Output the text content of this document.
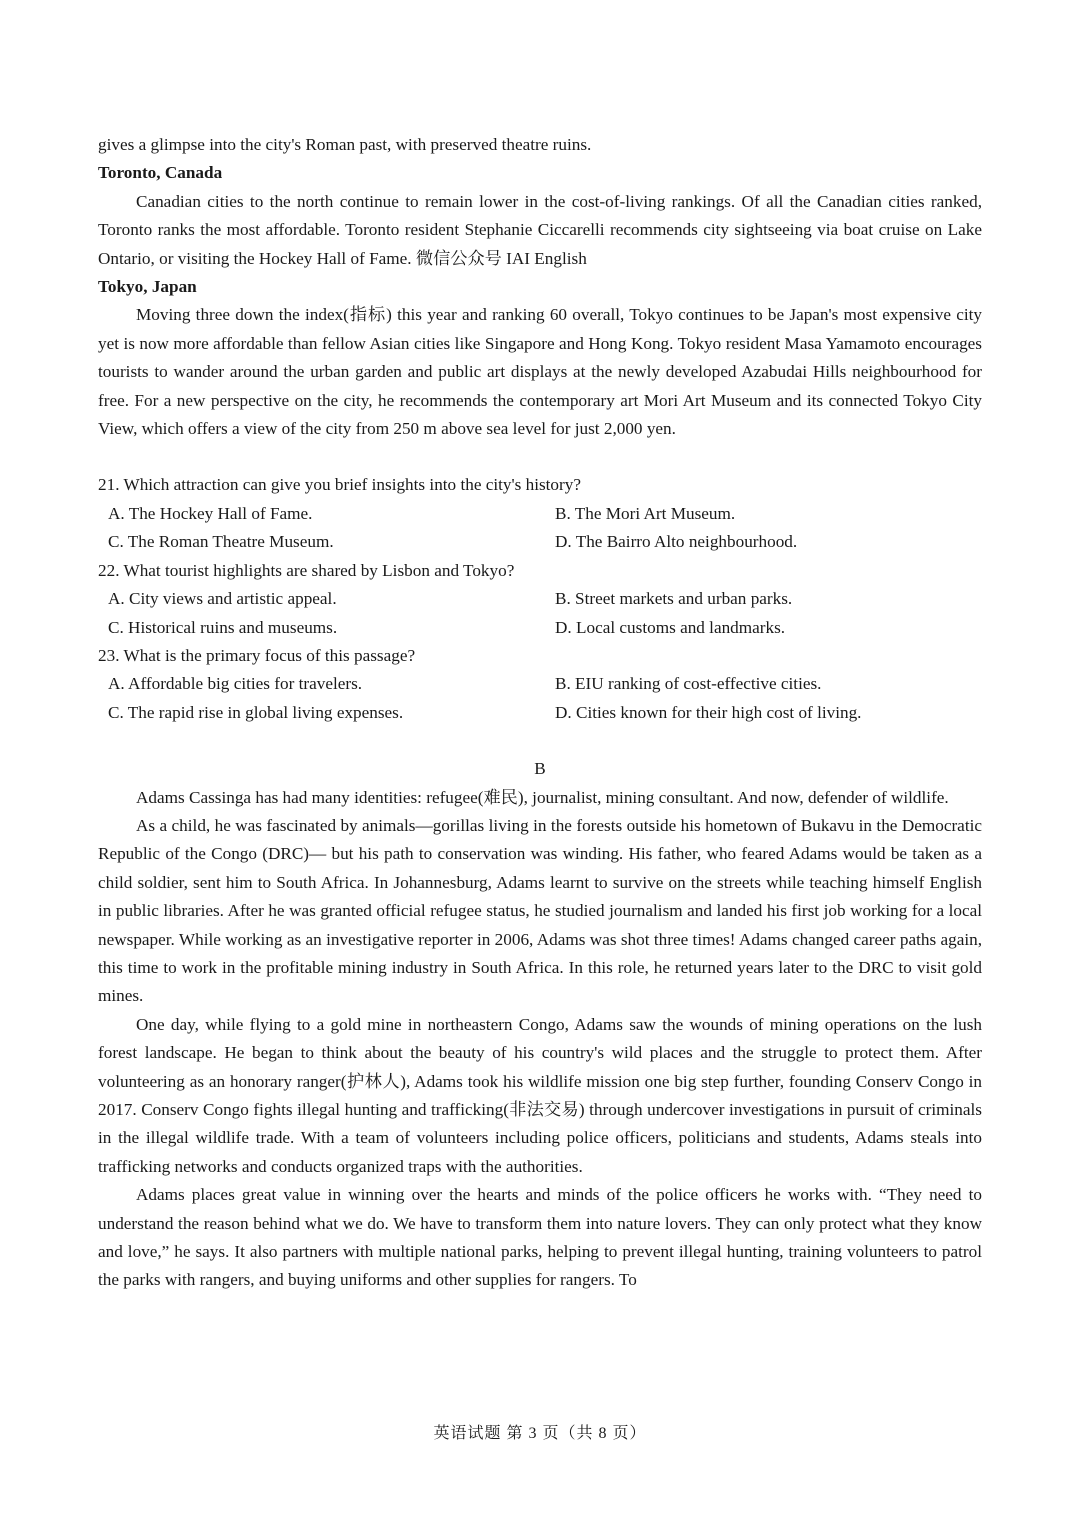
gives a glimpse into the city's Roman past, with preserved theatre ruins.

Toronto, Canada

Canadian cities to the north continue to remain lower in the cost-of-living rankings. Of all the Canadian cities ranked, Toronto ranks the most affordable. Toronto resident Stephanie Ciccarelli recommends city sightseeing via boat cruise on Lake Ontario, or visiting the Hockey Hall of Fame. 微信公众号 IAI English

Tokyo, Japan

Moving three down the index(指标) this year and ranking 60 overall, Tokyo continues to be Japan's most expensive city yet is now more affordable than fellow Asian cities like Singapore and Hong Kong. Tokyo resident Masa Yamamoto encourages tourists to wander around the urban garden and public art displays at the newly developed Azabudai Hills neighbourhood for free. For a new perspective on the city, he recommends the contemporary art Mori Art Museum and its connected Tokyo City View, which offers a view of the city from 250 m above sea level for just 2,000 yen.

21. Which attraction can give you brief insights into the city's history?

A. The Hockey Hall of Fame.	B. The Mori Art Museum.
C. The Roman Theatre Museum.	D. The Bairro Alto neighbourhood.

22. What tourist highlights are shared by Lisbon and Tokyo?

A. City views and artistic appeal.	B. Street markets and urban parks.
C. Historical ruins and museums.	D. Local customs and landmarks.

23. What is the primary focus of this passage?

A. Affordable big cities for travelers.	B. EIU ranking of cost-effective cities.
C. The rapid rise in global living expenses.	D. Cities known for their high cost of living.

B

Adams Cassinga has had many identities: refugee(难民), journalist, mining consultant. And now, defender of wildlife.

As a child, he was fascinated by animals—gorillas living in the forests outside his hometown of Bukavu in the Democratic Republic of the Congo (DRC)— but his path to conservation was winding. His father, who feared Adams would be taken as a child soldier, sent him to South Africa. In Johannesburg, Adams learnt to survive on the streets while teaching himself English in public libraries. After he was granted official refugee status, he studied journalism and landed his first job working for a local newspaper. While working as an investigative reporter in 2006, Adams was shot three times! Adams changed career paths again, this time to work in the profitable mining industry in South Africa. In this role, he returned years later to the DRC to visit gold mines.

One day, while flying to a gold mine in northeastern Congo, Adams saw the wounds of mining operations on the lush forest landscape. He began to think about the beauty of his country's wild places and the struggle to protect them. After volunteering as an honorary ranger(护林人), Adams took his wildlife mission one big step further, founding Conserv Congo in 2017. Conserv Congo fights illegal hunting and trafficking(非法交易) through undercover investigations in pursuit of criminals in the illegal wildlife trade. With a team of volunteers including police officers, politicians and students, Adams steals into trafficking networks and conducts organized traps with the authorities.

Adams places great value in winning over the hearts and minds of the police officers he works with. “They need to understand the reason behind what we do. We have to transform them into nature lovers. They can only protect what they know and love,” he says. It also partners with multiple national parks, helping to prevent illegal hunting, training volunteers to patrol the parks with rangers, and buying uniforms and other supplies for rangers. To

英语试题 第 3 页（共 8 页）
